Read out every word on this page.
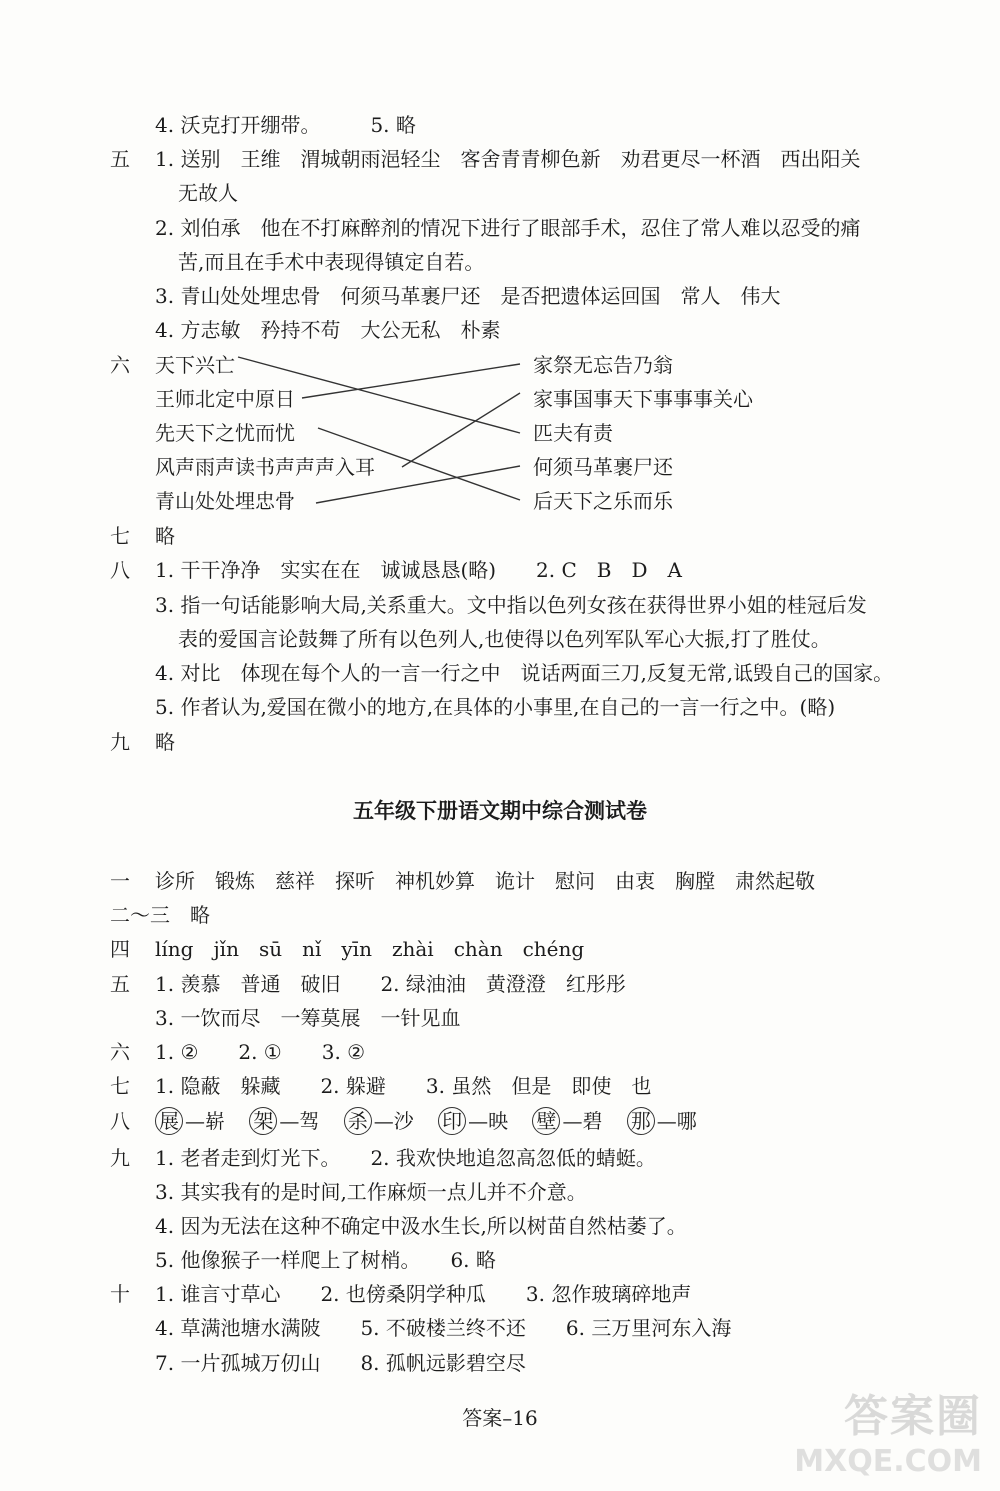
4. 沃克打开绷带。　　　5. 略
五 1. 送别　王维　渭城朝雨浥轻尘　客舍青青柳色新　劝君更尽一杯酒　西出阳关
无故人
2. 刘伯承　他在不打麻醉剂的情况下进行了眼部手术，忍住了常人难以忍受的痛
苦,而且在手术中表现得镇定自若。
3. 青山处处埋忠骨　何须马革裹尸还　是否把遗体运回国　常人　伟大
4. 方志敏　矜持不苟　大公无私　朴素
六 天下兴亡
王师北定中原日
先天下之忧而忧
风声雨声读书声声声入耳
青山处处埋忠骨
家祭无忘告乃翁
家事国事天下事事事关心
匹夫有责
何须马革裹尸还
后天下之乐而乐
七 略
八 1. 干干净净　实实在在　诚诚恳恳(略)　　2. C　B　D　A
3. 指一句话能影响大局,关系重大。文中指以色列女孩在获得世界小姐的桂冠后发
表的爱国言论鼓舞了所有以色列人,也使得以色列军队军心大振,打了胜仗。
4. 对比　体现在每个人的一言一行之中　说话两面三刀,反复无常,诋毁自己的国家。
5. 作者认为,爱国在微小的地方,在具体的小事里,在自己的一言一行之中。(略)
九 略
五年级下册语文期中综合测试卷
一 诊所　锻炼　慈祥　探听　神机妙算　诡计　慰问　由衷　胸膛　肃然起敬
二～三　略
四 líng　jǐn　sū　nǐ　yīn　zhài　chàn　chéng
五 1. 羡慕　普通　破旧　　2. 绿油油　黄澄澄　红彤彤
3. 一饮而尽　一筹莫展　一针见血
六 1. ②　　2. ①　　3. ②
七 1. 隐蔽　躲藏　　2. 躲避　　3. 虽然　但是　即使　也
八 展 —崭 架 —驾 杀 —沙 印 —映 壁 —碧 那 —哪
九 1. 老者走到灯光下。　　2. 我欢快地追忽高忽低的蜻蜓。
3. 其实我有的是时间,工作麻烦一点儿并不介意。
4. 因为无法在这种不确定中汲水生长,所以树苗自然枯萎了。
5. 他像猴子一样爬上了树梢。　　6. 略
十 1. 谁言寸草心　　2. 也傍桑阴学种瓜　　3. 忽作玻璃碎地声
4. 草满池塘水满陂　　5. 不破楼兰终不还　　6. 三万里河东入海
7. 一片孤城万仞山　　8. 孤帆远影碧空尽
答案–16	答案圈
MXQE.COM
